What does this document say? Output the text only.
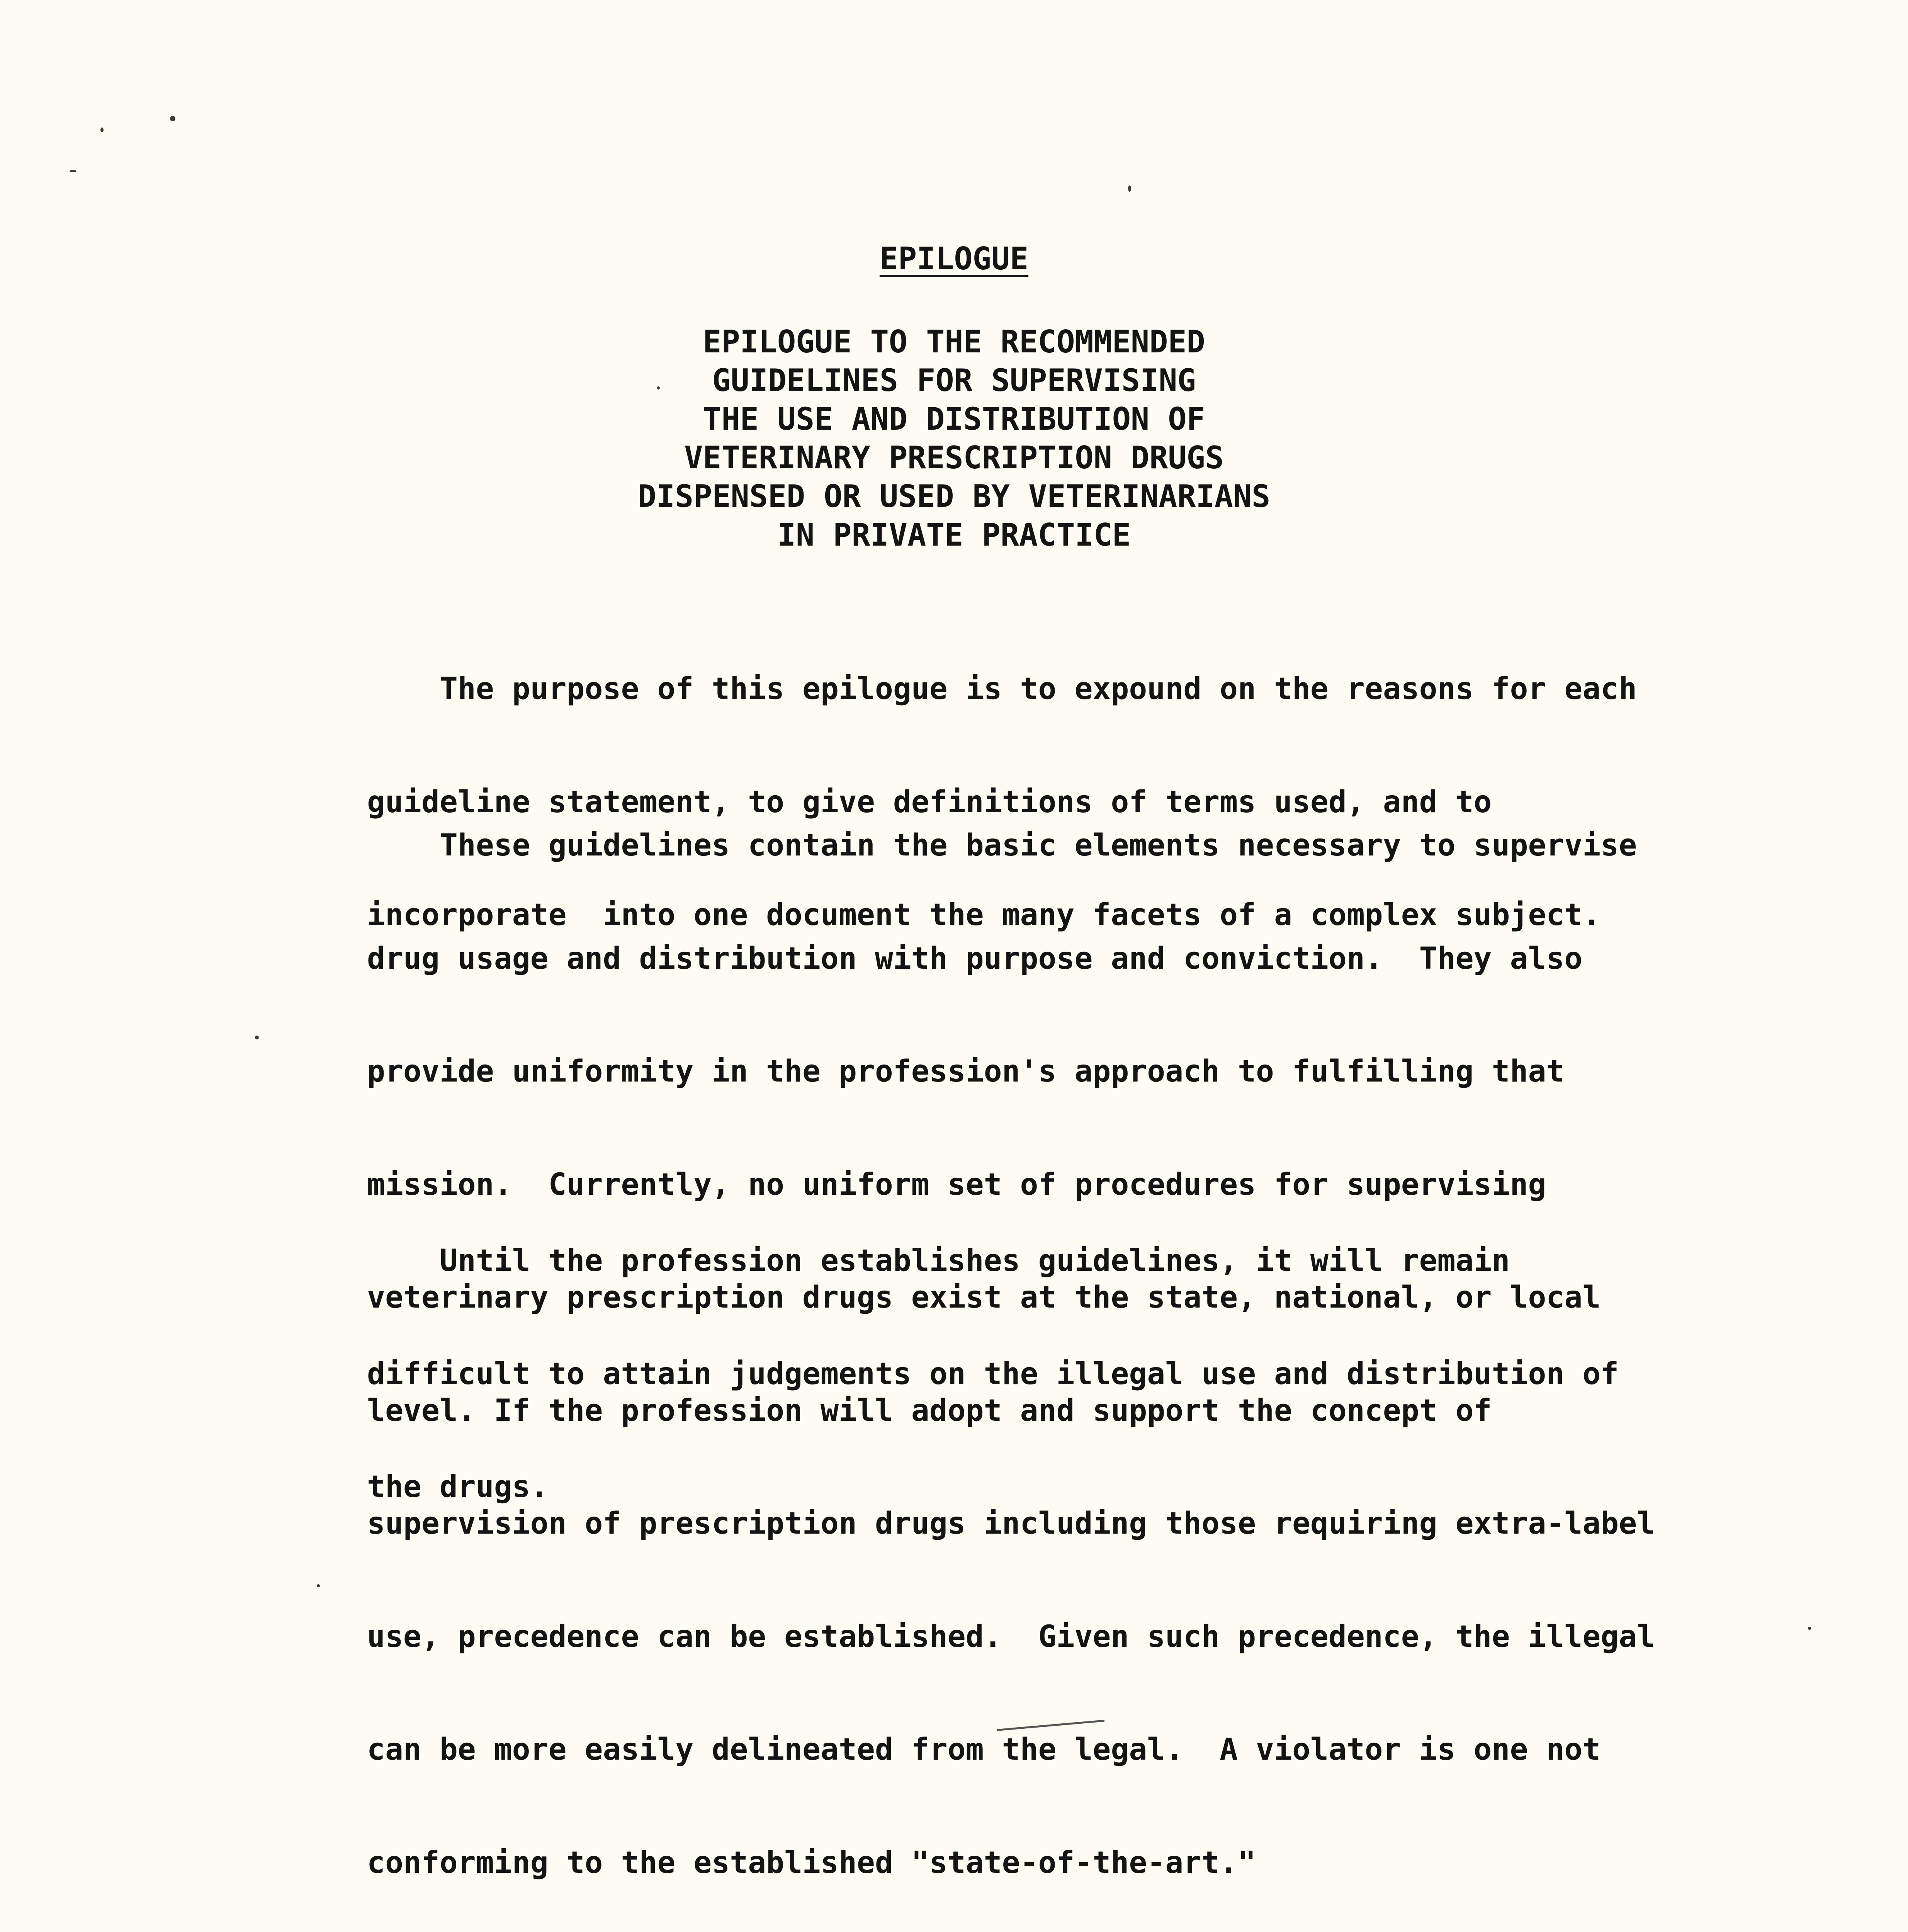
EPILOGUE
EPILOGUE TO THE RECOMMENDED
GUIDELINES FOR SUPERVISING
THE USE AND DISTRIBUTION OF
VETERINARY PRESCRIPTION DRUGS
DISPENSED OR USED BY VETERINARIANS
IN PRIVATE PRACTICE

The purpose of this epilogue is to expound on the reasons for each

guideline statement, to give definitions of terms used, and to

incorporate  into one document the many facets of a complex subject.

These guidelines contain the basic elements necessary to supervise

drug usage and distribution with purpose and conviction.  They also

provide uniformity in the profession's approach to fulfilling that

mission.  Currently, no uniform set of procedures for supervising

veterinary prescription drugs exist at the state, national, or local

level. If the profession will adopt and support the concept of

supervision of prescription drugs including those requiring extra-label

use, precedence can be established.  Given such precedence, the illegal

can be more easily delineated from the legal.  A violator is one not

conforming to the established "state-of-the-art."

Until the profession establishes guidelines, it will remain

difficult to attain judgements on the illegal use and distribution of

the drugs.
